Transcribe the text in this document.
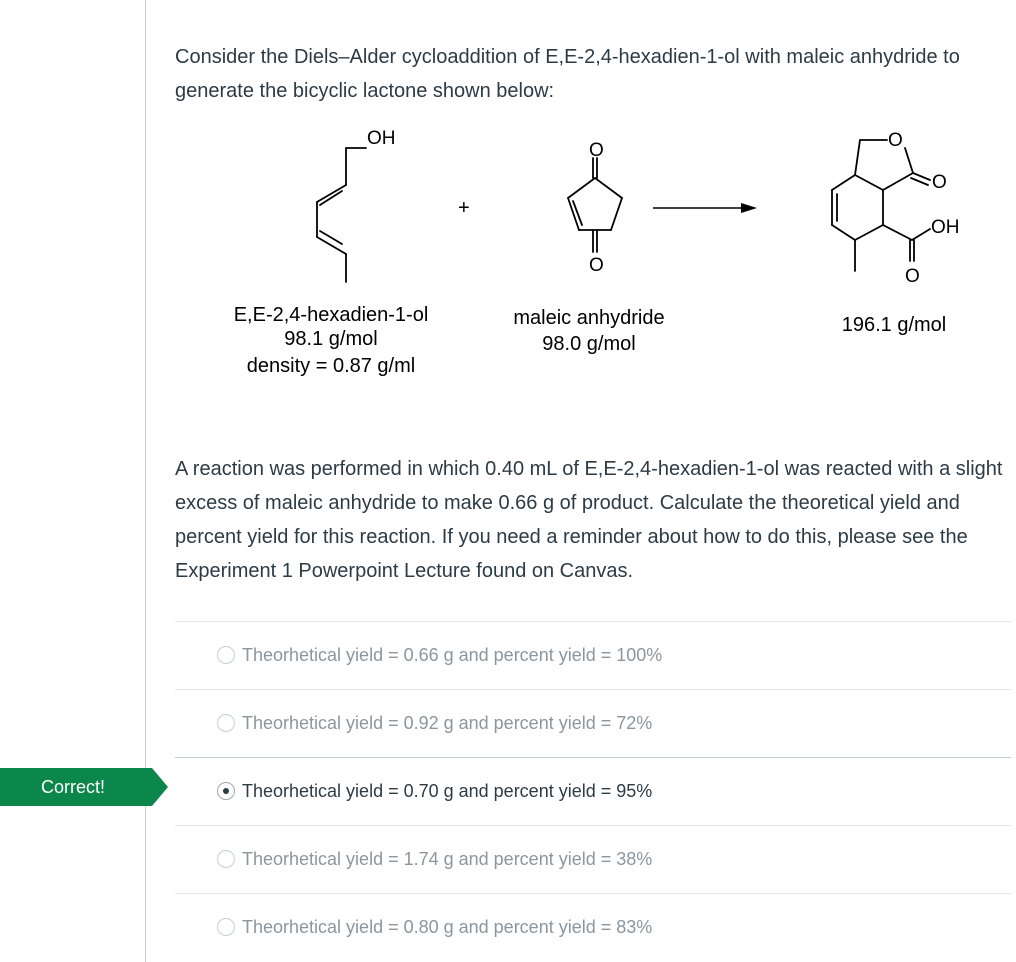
Consider the Diels–Alder cycloaddition of E,E-2,4-hexadien-1-ol with maleic anhydride to generate the bicyclic lactone shown below:

OH
+
O
O
O
O
OH
O
E,E-2,4-hexadien-1-ol
98.1 g/mol
density = 0.87 g/ml
maleic anhydride
98.0 g/mol
196.1 g/mol

A reaction was performed in which 0.40 mL of E,E-2,4-hexadien-1-ol was reacted with a slight excess of maleic anhydride to make 0.66 g of product. Calculate the theoretical yield and percent yield for this reaction. If you need a reminder about how to do this, please see the Experiment 1 Powerpoint Lecture found on Canvas.

Theorhetical yield = 0.66 g and percent yield = 100%
Theorhetical yield = 0.92 g and percent yield = 72%
Theorhetical yield = 0.70 g and percent yield = 95%
Theorhetical yield = 1.74 g and percent yield = 38%
Theorhetical yield = 0.80 g and percent yield = 83%
Correct!
